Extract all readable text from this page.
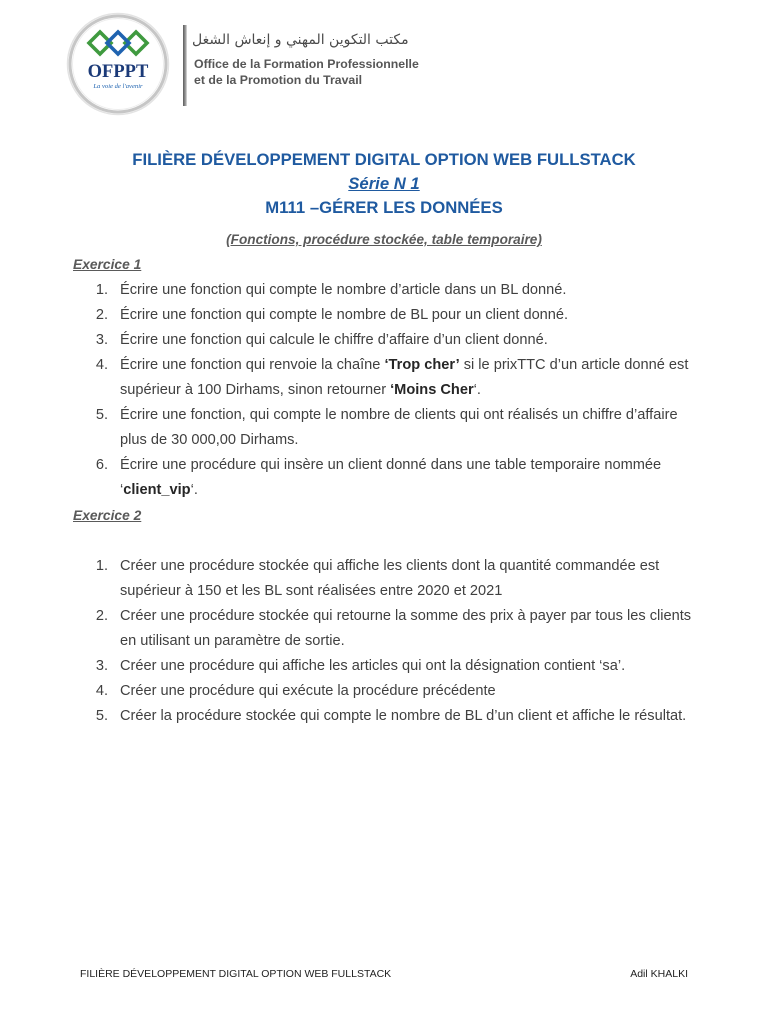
OFPPT
La voie de l'avenir
مكتب التكوين المهني و إنعاش الشغل
Office de la Formation Professionnelle
et de la Promotion du Travail
FILIÈRE DÉVELOPPEMENT DIGITAL OPTION WEB FULLSTACK
Série N 1
M111 –GÉRER LES DONNÉES
(Fonctions, procédure stockée, table temporaire)
Exercice 1
1. Écrire une fonction qui compte le nombre d’article dans un BL donné.
2. Écrire une fonction qui compte le nombre de BL pour un client donné.
3. Écrire une fonction qui calcule le chiffre d’affaire d’un client donné.
4. Écrire une fonction qui renvoie la chaîne ‘Trop cher’ si le prixTTC d’un article donné est
supérieur à 100 Dirhams, sinon retourner ‘Moins Cher‘.
5. Écrire une fonction, qui compte le nombre de clients qui ont réalisés un chiffre d’affaire
plus de 30 000,00 Dirhams.
6. Écrire une procédure qui insère un client donné dans une table temporaire nommée
‘client_vip‘.
Exercice 2
1. Créer une procédure stockée qui affiche les clients dont la quantité commandée est
supérieur à 150 et les BL sont réalisées entre 2020 et 2021
2. Créer une procédure stockée qui retourne la somme des prix à payer par tous les clients
en utilisant un paramètre de sortie.
3. Créer une procédure qui affiche les articles qui ont la désignation contient ‘sa’.
4. Créer une procédure qui exécute la procédure précédente
5. Créer la procédure stockée qui compte le nombre de BL d’un client et affiche le résultat.
FILIÈRE DÉVELOPPEMENT DIGITAL OPTION WEB FULLSTACK	Adil KHALKI
